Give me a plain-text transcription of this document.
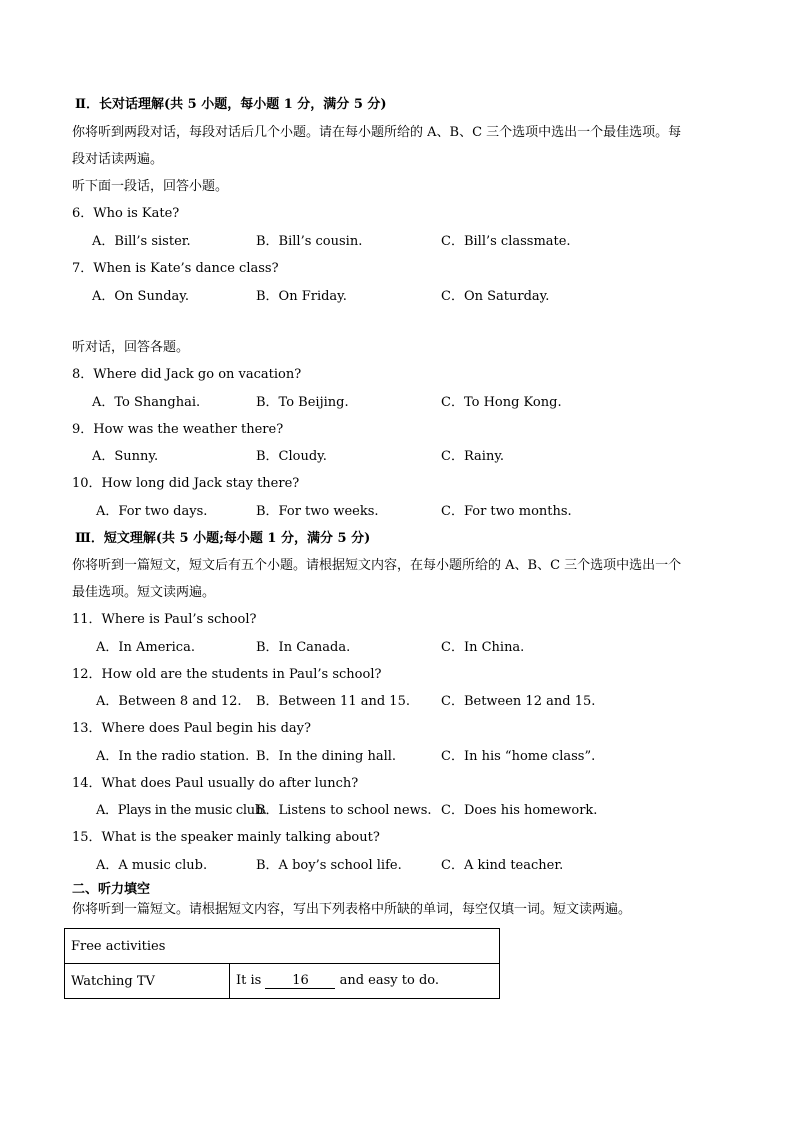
Ⅱ．长对话理解(共 5 小题，每小题 1 分，满分 5 分)
你将听到两段对话，每段对话后几个小题。请在每小题所给的 A、B、C 三个选项中选出一个最佳选项。每
段对话读两遍。
听下面一段话，回答小题。
6．Who is Kate?
A．Bill’s sister.	B．Bill’s cousin.	C．Bill’s classmate.
7．When is Kate’s dance class?
A．On Sunday.	B．On Friday.	C．On Saturday.
听对话，回答各题。
8．Where did Jack go on vacation?
A．To Shanghai.	B．To Beijing.	C．To Hong Kong.
9．How was the weather there?
A．Sunny.	B．Cloudy.	C．Rainy.
10．How long did Jack stay there?
A．For two days.	B．For two weeks.	C．For two months.
Ⅲ．短文理解(共 5 小题;每小题 1 分，满分 5 分)
你将听到一篇短文，短文后有五个小题。请根据短文内容，在每小题所给的 A、B、C 三个选项中选出一个
最佳选项。短文读两遍。
11．Where is Paul’s school?
A．In America.	B．In Canada.	C．In China.
12．How old are the students in Paul’s school?
A．Between 8 and 12. B．Between 11 and 15. C．Between 12 and 15.
13．Where does Paul begin his day?
A．In the radio station. B．In the dining hall.	C．In his “home class”.
14．What does Paul usually do after lunch?
A．Plays in the music club.
B．Listens to school news. C．Does his homework.
15．What is the speaker mainly talking about?
A．A music club.	B．A boy’s school life.	C．A kind teacher.
二、听力填空
你将听到一篇短文。请根据短文内容，写出下列表格中所缺的单词，每空仅填一词。短文读两遍。
Free activities
Watching TV	It is 16 and easy to do.
